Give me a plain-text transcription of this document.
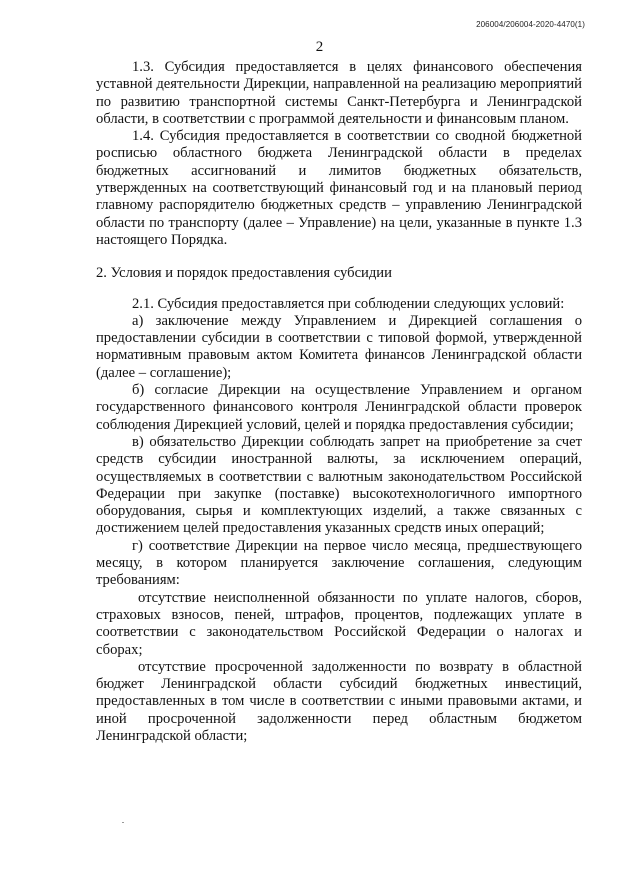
206004/206004-2020-4470(1)
2

1.3. Субсидия предоставляется в целях финансового обеспечения уставной деятельности Дирекции, направленной на реализацию мероприятий по развитию транспортной системы Санкт-Петербурга и Ленинградской области, в соответствии с программой деятельности и финансовым планом.

1.4. Субсидия предоставляется в соответствии со сводной бюджетной росписью областного бюджета Ленинградской области в пределах бюджетных ассигнований и лимитов бюджетных обязательств, утвержденных на соответствующий финансовый год и на плановый период главному распорядителю бюджетных средств – управлению Ленинградской области по транспорту (далее – Управление) на цели, указанные в пункте 1.3 настоящего Порядка.

2. Условия и порядок предоставления субсидии

2.1. Субсидия предоставляется при соблюдении следующих условий:

а) заключение между Управлением и Дирекцией соглашения о предоставлении субсидии в соответствии с типовой формой, утвержденной нормативным правовым актом Комитета финансов Ленинградской области (далее – соглашение);

б) согласие Дирекции на осуществление Управлением и органом государственного финансового контроля Ленинградской области проверок соблюдения Дирекцией условий, целей и порядка предоставления субсидии;

в) обязательство Дирекции соблюдать запрет на приобретение за счет средств субсидии иностранной валюты, за исключением операций, осуществляемых в соответствии с валютным законодательством Российской Федерации при закупке (поставке) высокотехнологичного импортного оборудования, сырья и комплектующих изделий, а также связанных с достижением целей предоставления указанных средств иных операций;

г) соответствие Дирекции на первое число месяца, предшествующего месяцу, в котором планируется заключение соглашения, следующим требованиям:

отсутствие неисполненной обязанности по уплате налогов, сборов, страховых взносов, пеней, штрафов, процентов, подлежащих уплате в соответствии с законодательством Российской Федерации о налогах и сборах;

отсутствие просроченной задолженности по возврату в областной бюджет Ленинградской области субсидий бюджетных инвестиций, предоставленных в том числе в соответствии с иными правовыми актами, и иной просроченной задолженности перед областным бюджетом Ленинградской области;
